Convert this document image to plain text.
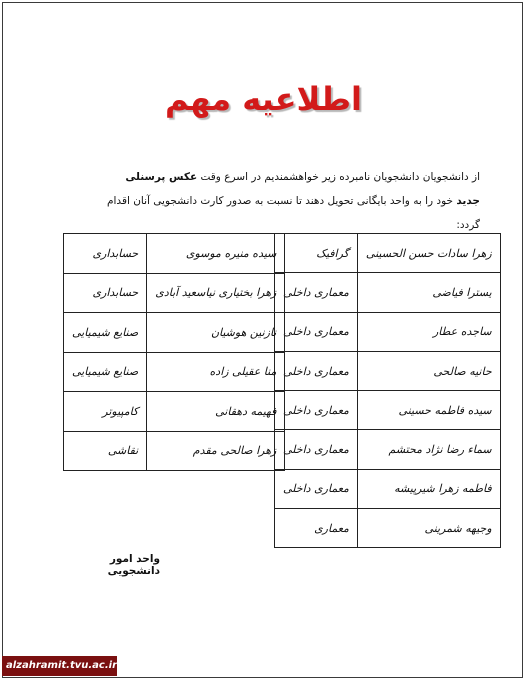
اطلاعیه مهم
از دانشجویان دانشجویان نامبرده زیر خواهشمندیم در اسرع وقت عکس پرسنلی جدید خود را به واحد بایگانی تحویل دهند تا نسبت به صدور کارت دانشجویی آنان اقدام گردد:
زهرا سادات حسن الحسینی	گرافیک
یسترا فیاضی	معماری داخلی
ساجده عطار	معماری داخلی
حانیه صالحی	معماری داخلی
سیده فاطمه حسینی	معماری داخلی
سماء رضا نژاد محتشم	معماری داخلی
فاطمه زهرا شیرپیشه	معماری داخلی
وجیهه شمرینی	معماری
سیده منیره موسوی	حسابداری
زهرا بختیاری نیاسعید آبادی	حسابداری
نازنین هوشیان	صنایع شیمیایی
منا عقیلی زاده	صنایع شیمیایی
فهیمه دهقانی	کامپیوتر
زهرا صالحی مقدم	نقاشی
واحد امور دانشجویی
alzahramit.tvu.ac.ir
